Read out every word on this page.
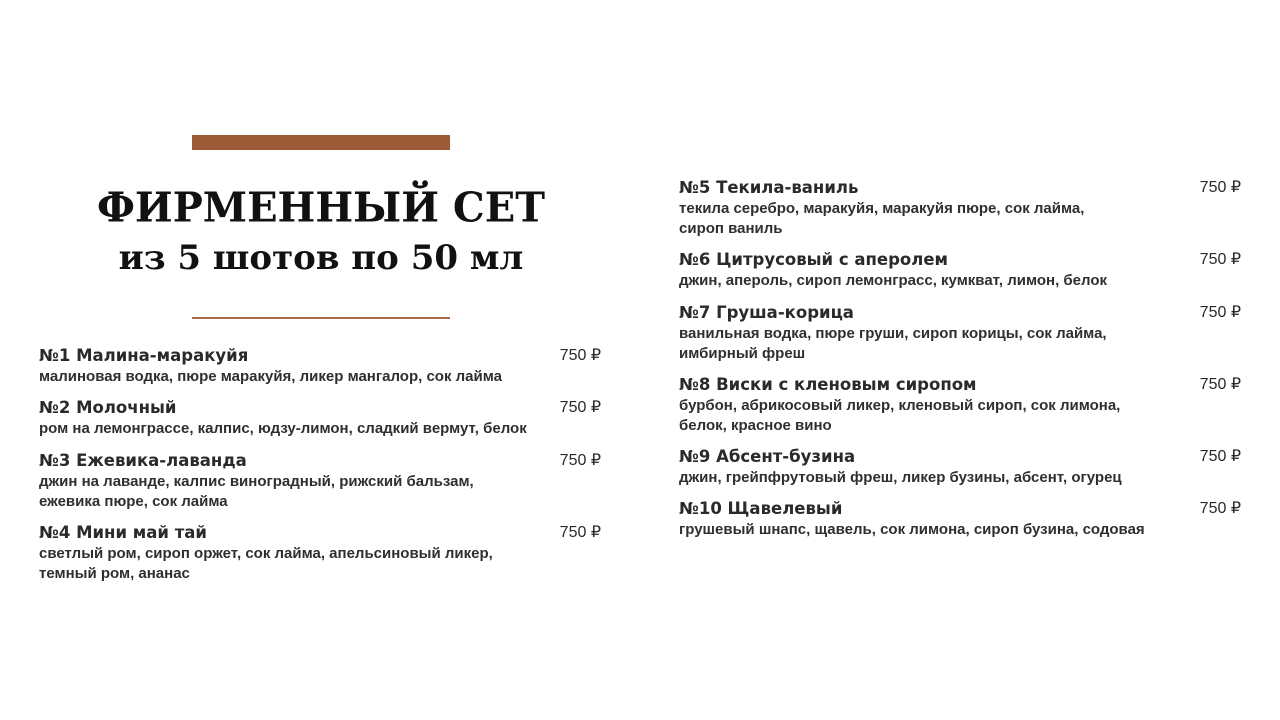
ФИРМЕННЫЙ СЕТ
из 5 шотов по 50 мл
№1 Малина-маракуйя	750 ₽
малиновая водка, пюре маракуйя, ликер мангалор, сок лайма
№2 Молочный	750 ₽
ром на лемонграссе, калпис, юдзу-лимон, сладкий вермут, белок
№3 Ежевика-лаванда	750 ₽
джин на лаванде, калпис виноградный, рижский бальзам, ежевика пюре, сок лайма
№4 Мини май тай	750 ₽
светлый ром, сироп оржет, сок лайма, апельсиновый ликер, темный ром, ананас
№5 Текила-ваниль	750 ₽
текила серебро, маракуйя, маракуйя пюре, сок лайма, сироп ваниль
№6 Цитрусовый с аперолем	750 ₽
джин, апероль, сироп лемонграсс, кумкват, лимон, белок
№7 Груша-корица	750 ₽
ванильная водка, пюре груши, сироп корицы, сок лайма, имбирный фреш
№8 Виски с кленовым сиропом	750 ₽
бурбон, абрикосовый ликер, кленовый сироп, сок лимона, белок, красное вино
№9 Абсент-бузина	750 ₽
джин, грейпфрутовый фреш, ликер бузины, абсент, огурец
№10 Щавелевый	750 ₽
грушевый шнапс, щавель, сок лимона, сироп бузина, содовая
